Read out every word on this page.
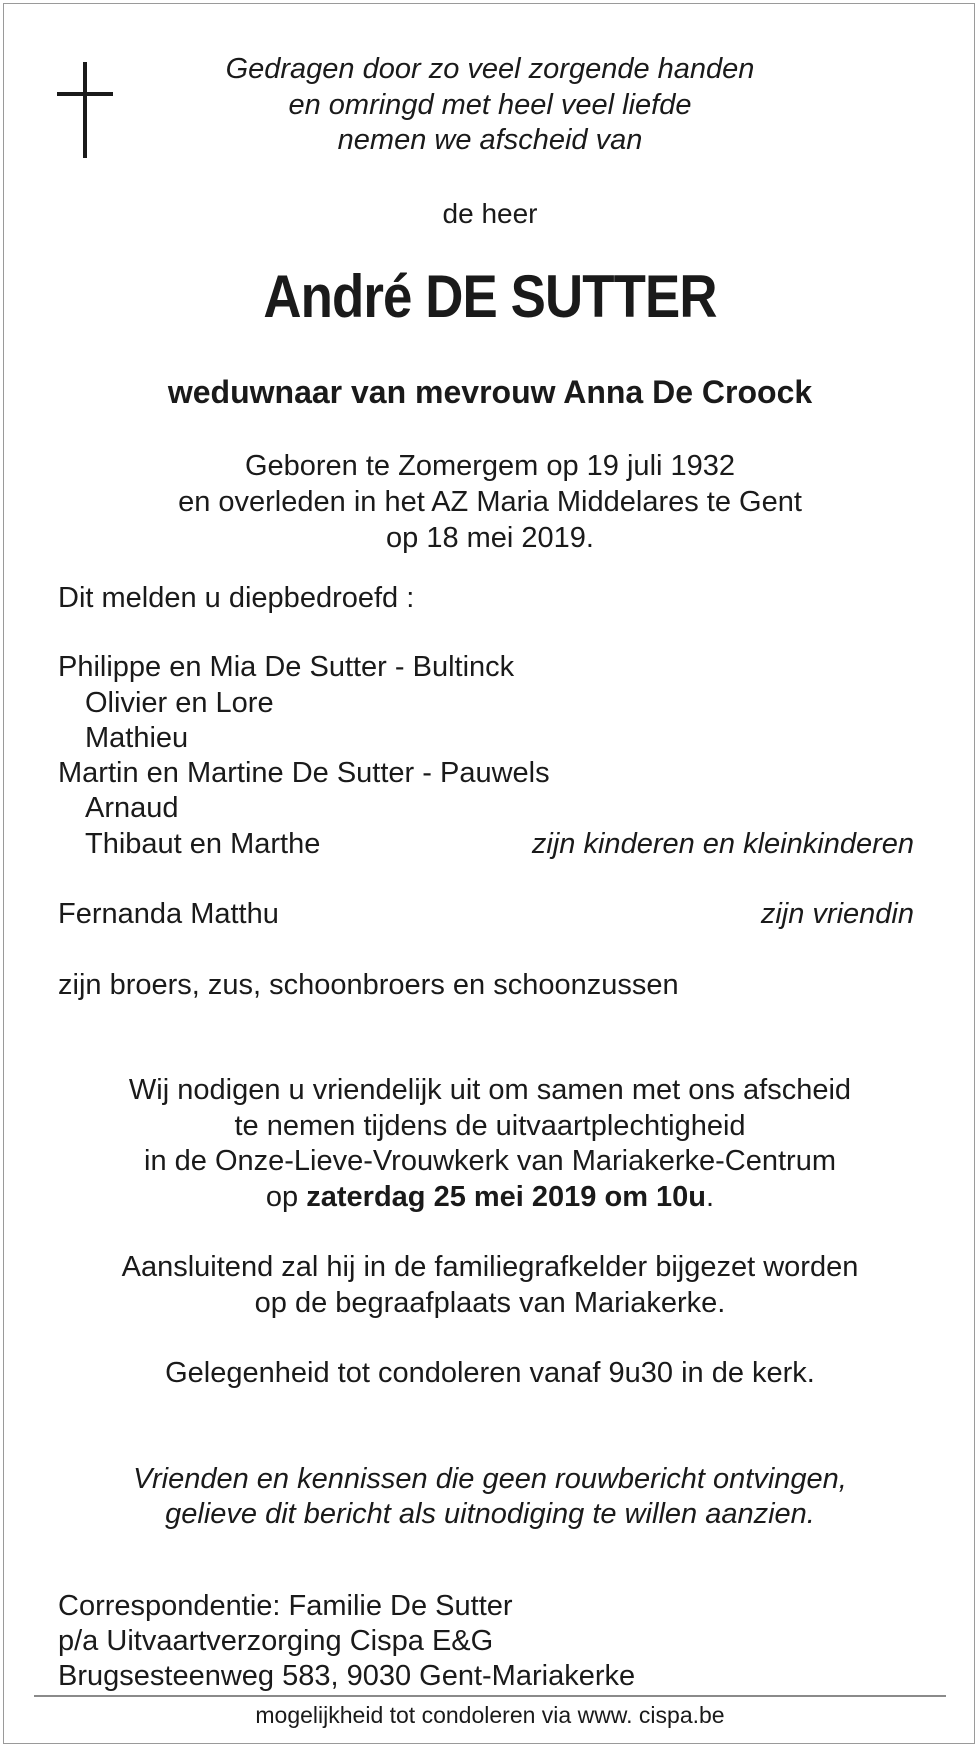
Gedragen door zo veel zorgende handen
en omringd met heel veel liefde
nemen we afscheid van
de heer
André DE SUTTER
weduwnaar van mevrouw Anna De Croock
Geboren te Zomergem op 19 juli 1932
en overleden in het AZ Maria Middelares te Gent
op 18 mei 2019.
Dit melden u diepbedroefd :
Philippe en Mia De Sutter - Bultinck
Olivier en Lore
Mathieu
Martin en Martine De Sutter - Pauwels
Arnaud
Thibaut en Marthe	zijn kinderen en kleinkinderen
Fernanda Matthu	zijn vriendin
zijn broers, zus, schoonbroers en schoonzussen
Wij nodigen u vriendelijk uit om samen met ons afscheid
te nemen tijdens de uitvaartplechtigheid
in de Onze-Lieve-Vrouwkerk van Mariakerke-Centrum
op zaterdag 25 mei 2019 om 10u.
Aansluitend zal hij in de familiegrafkelder bijgezet worden
op de begraafplaats van Mariakerke.
Gelegenheid tot condoleren vanaf 9u30 in de kerk.
Vrienden en kennissen die geen rouwbericht ontvingen,
gelieve dit bericht als uitnodiging te willen aanzien.
Correspondentie: Familie De Sutter
p/a Uitvaartverzorging Cispa E&G
Brugsesteenweg 583, 9030 Gent-Mariakerke
mogelijkheid tot condoleren via www. cispa.be
